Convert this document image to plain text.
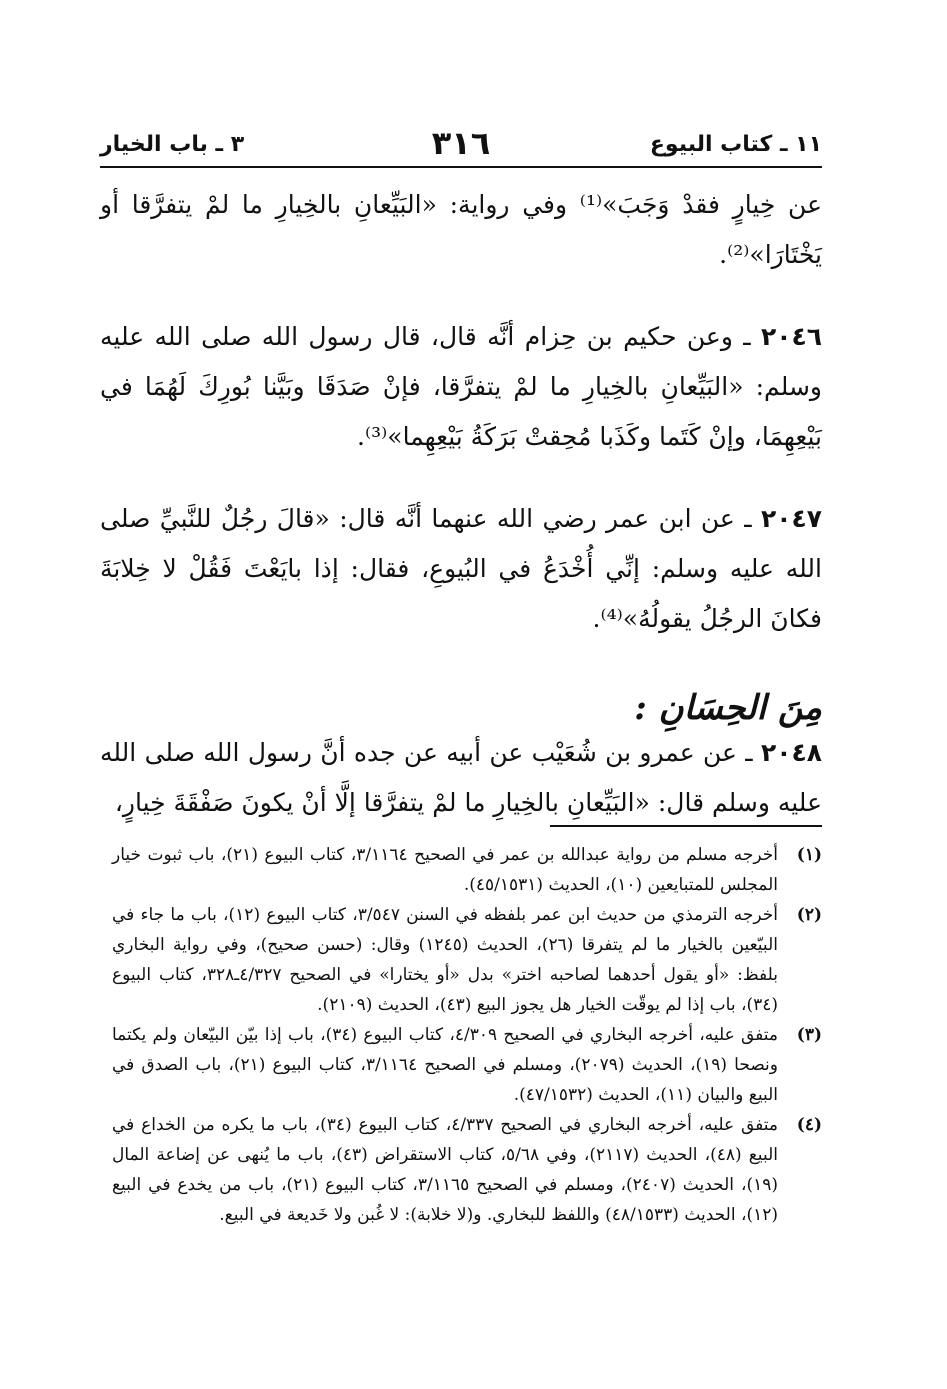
١١ ـ كتاب البيوع
٣١٦
٣ ـ باب الخيار

عن خِيارٍ فقدْ وَجَبَ»⁽¹⁾ وفي رواية: «البَيِّعانِ بالخِيارِ ما لمْ يتفرَّقا أو يَخْتَارَا»⁽²⁾.

٢٠٤٦ ـ وعن حكيم بن حِزام أنَّه قال، قال رسول الله صلى الله عليه وسلم: «البَيِّعانِ بالخِيارِ ما لمْ يتفرَّقا، فإنْ صَدَقَا وبَيَّنا بُورِكَ لَهُمَا في بَيْعِهِمَا، وإنْ كَتَما وكَذَبا مُحِقتْ بَرَكَةُ بَيْعِهِما»⁽³⁾.

٢٠٤٧ ـ عن ابن عمر رضي الله عنهما أنَّه قال: «قالَ رجُلٌ للنَّبيِّ صلى الله عليه وسلم: إنِّي أُخْدَعُ في البُيوعِ، فقال: إذا بايَعْتَ فَقُلْ لا خِلابَةَ فكانَ الرجُلُ يقولُهُ»⁽⁴⁾.

مِنَ الحِسَانِ :

٢٠٤٨ ـ عن عمرو بن شُعَيْب عن أبيه عن جده أنَّ رسول الله صلى الله عليه وسلم قال: «البَيِّعانِ بالخِيارِ ما لمْ يتفرَّقا إلَّا أنْ يكونَ صَفْقَةَ خِيارٍ،

(١)
أخرجه مسلم من رواية عبدالله بن عمر في الصحيح ٣/١١٦٤، كتاب البيوع (٢١)، باب ثبوت خيار المجلس للمتبايعين (١٠)، الحديث (٤٥/١٥٣١).
(٢)
أخرجه الترمذي من حديث ابن عمر بلفظه في السنن ٣/٥٤٧، كتاب البيوع (١٢)، باب ما جاء في البيّعين بالخيار ما لم يتفرقا (٢٦)، الحديث (١٢٤٥) وقال: (حسن صحيح)، وفي رواية البخاري بلفظ: «أو يقول أحدهما لصاحبه اختر» بدل «أو يختارا» في الصحيح ٤/٣٢٧ـ٣٢٨، كتاب البيوع (٣٤)، باب إذا لم يوقّت الخيار هل يجوز البيع (٤٣)، الحديث (٢١٠٩).
(٣)
متفق عليه، أخرجه البخاري في الصحيح ٤/٣٠٩، كتاب البيوع (٣٤)، باب إذا بيّن البيّعان ولم يكتما ونصحا (١٩)، الحديث (٢٠٧٩)، ومسلم في الصحيح ٣/١١٦٤، كتاب البيوع (٢١)، باب الصدق في البيع والبيان (١١)، الحديث (٤٧/١٥٣٢).
(٤)
متفق عليه، أخرجه البخاري في الصحيح ٤/٣٣٧، كتاب البيوع (٣٤)، باب ما يكره من الخداع في البيع (٤٨)، الحديث (٢١١٧)، وفي ٥/٦٨، كتاب الاستقراض (٤٣)، باب ما يُنهى عن إضاعة المال (١٩)، الحديث (٢٤٠٧)، ومسلم في الصحيح ٣/١١٦٥، كتاب البيوع (٢١)، باب من يخدع في البيع (١٢)، الحديث (٤٨/١٥٣٣) واللفظ للبخاري. و(لا خلابة): لا غُبن ولا خَديعة في البيع.
